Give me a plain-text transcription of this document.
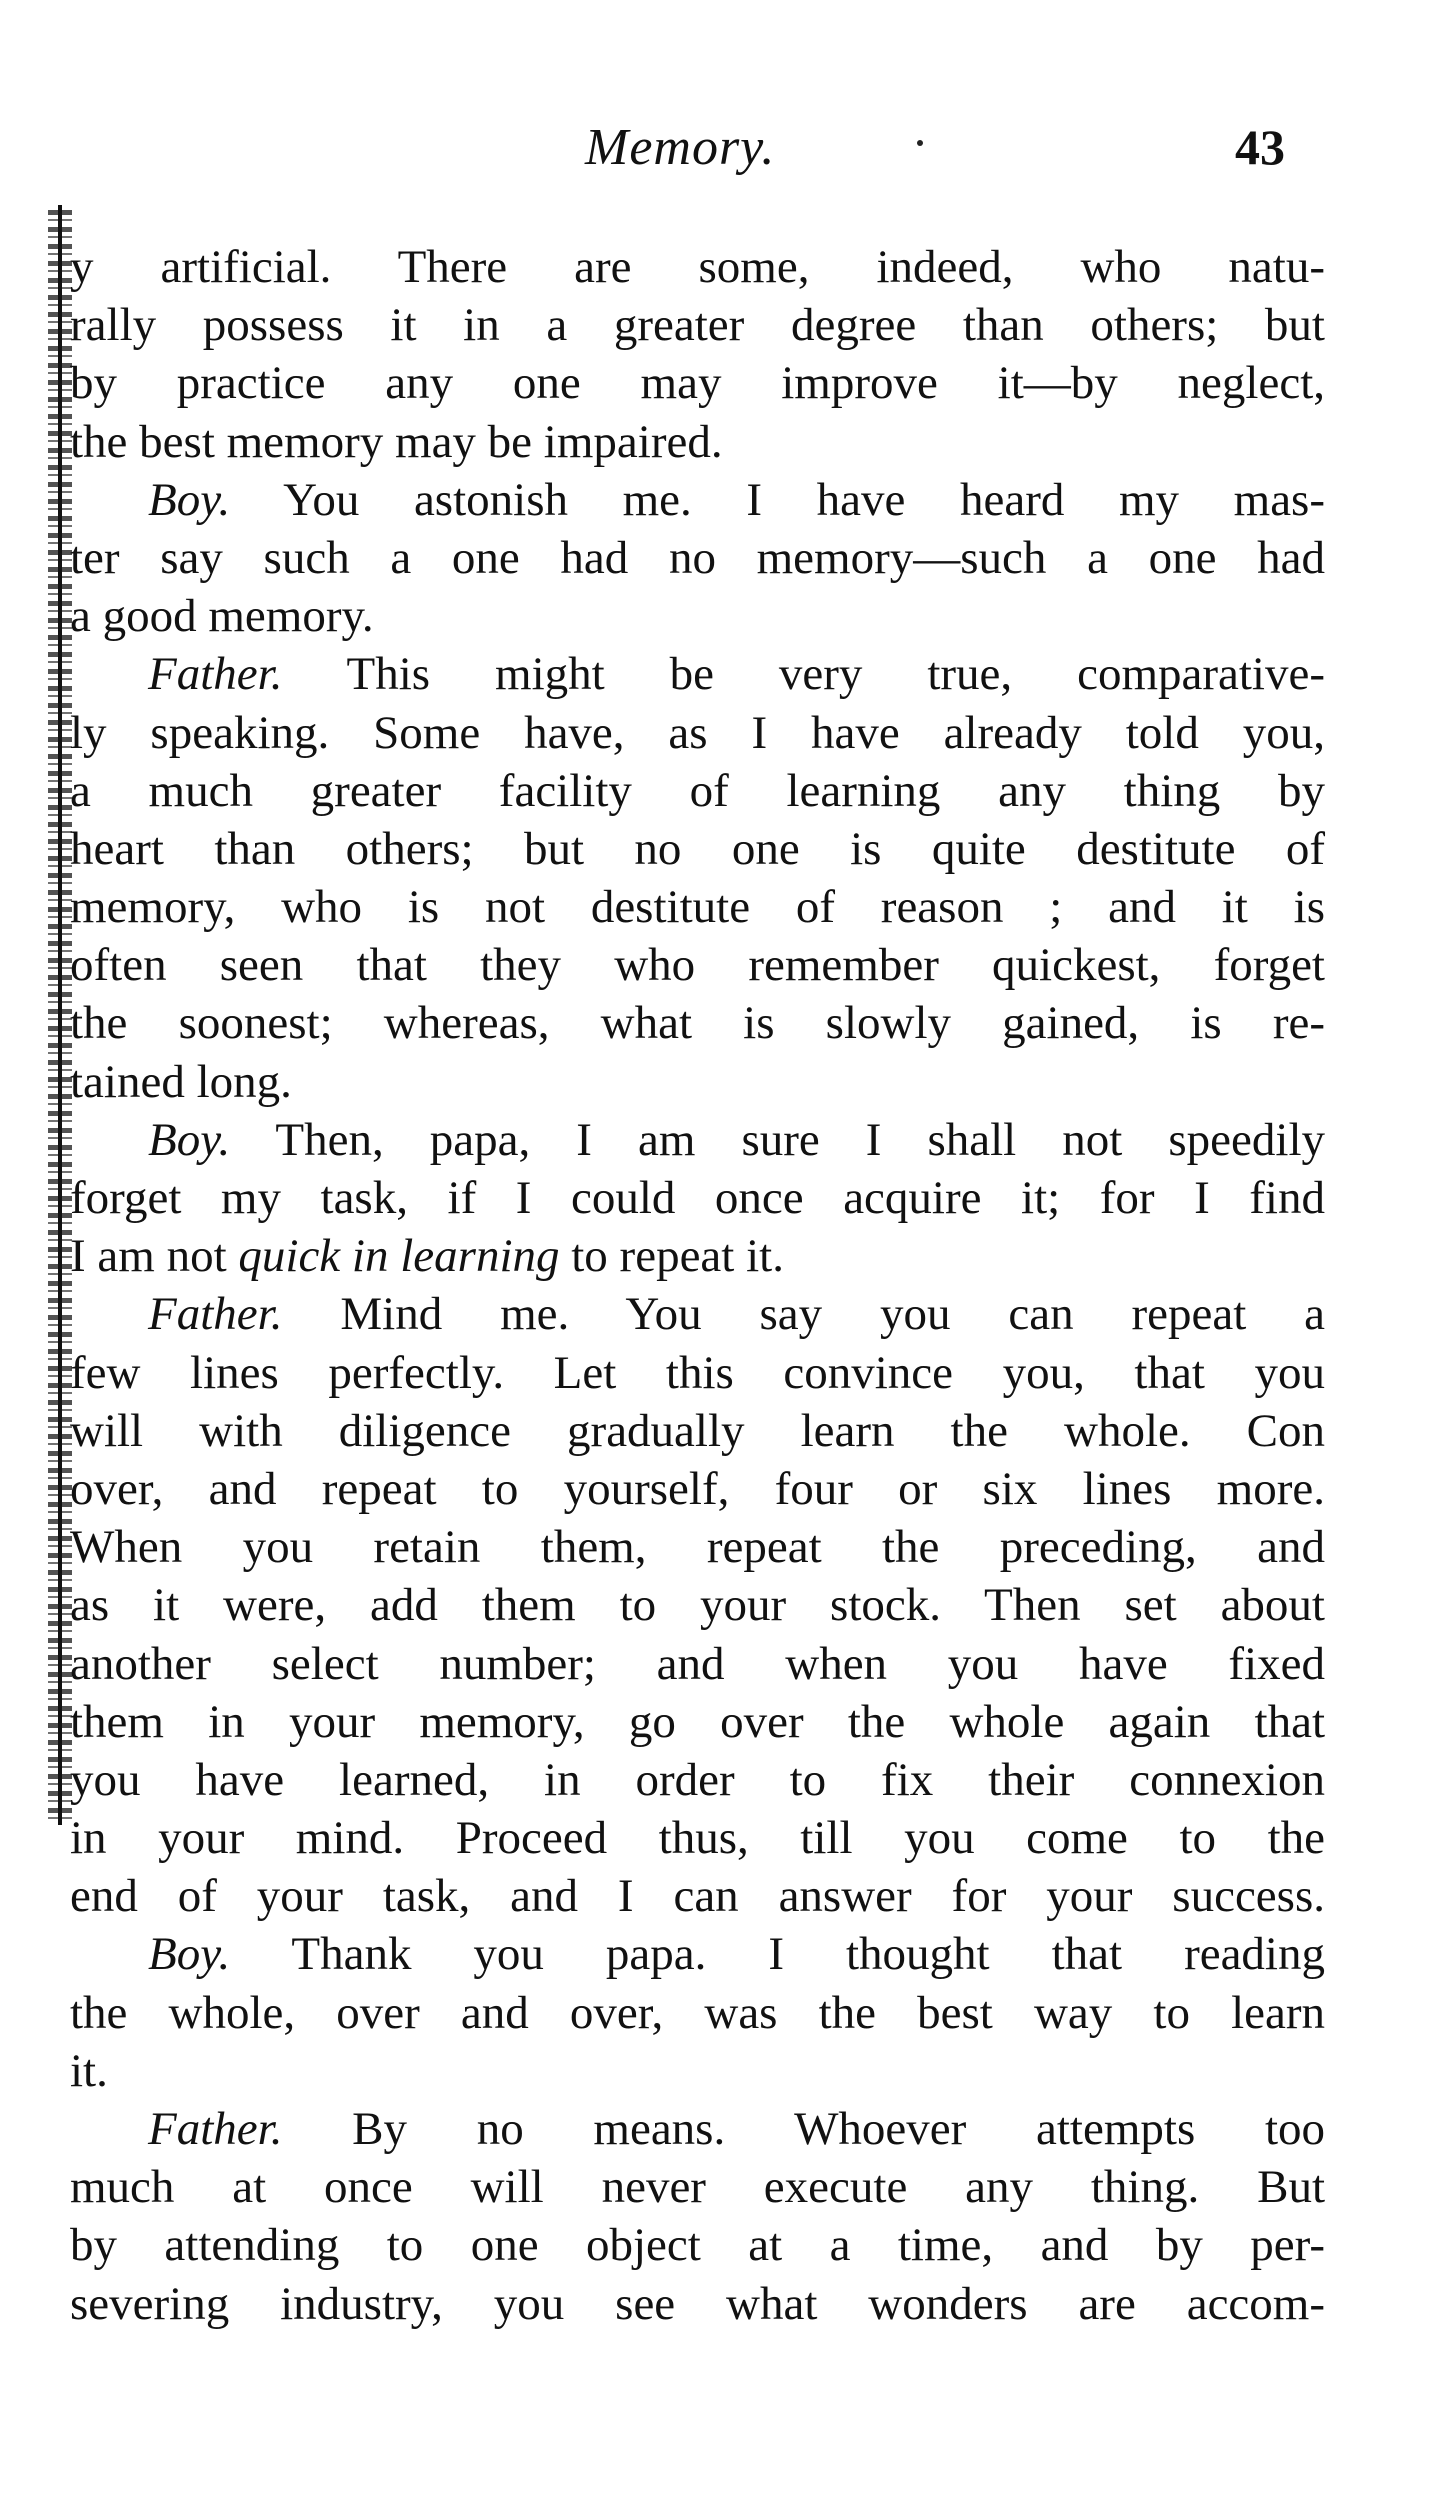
Memory.	43
y artificial. There are some, indeed, who natu-
rally possess it in a greater degree than others; but
by practice any one may improve it—by neglect,
the best memory may be impaired.
Boy. You astonish me. I have heard my mas-
ter say such a one had no memory—such a one had
a good memory.
Father. This might be very true, comparative-
ly speaking. Some have, as I have already told you,
a much greater facility of learning any thing by
heart than others; but no one is quite destitute of
memory, who is not destitute of reason ; and it is
often seen that they who remember quickest, forget
the soonest; whereas, what is slowly gained, is re-
tained long.
Boy. Then, papa, I am sure I shall not speedily
forget my task, if I could once acquire it; for I find
I am not quick in learning to repeat it.
Father. Mind me. You say you can repeat a
few lines perfectly. Let this convince you, that you
will with diligence gradually learn the whole. Con
over, and repeat to yourself, four or six lines more.
When you retain them, repeat the preceding, and
as it were, add them to your stock. Then set about
another select number; and when you have fixed
them in your memory, go over the whole again that
you have learned, in order to fix their connexion
in your mind. Proceed thus, till you come to the
end of your task, and I can answer for your success.
Boy. Thank you papa. I thought that reading
the whole, over and over, was the best way to learn
it.
Father. By no means. Whoever attempts too
much at once will never execute any thing. But
by attending to one object at a time, and by per-
severing industry, you see what wonders are accom-
